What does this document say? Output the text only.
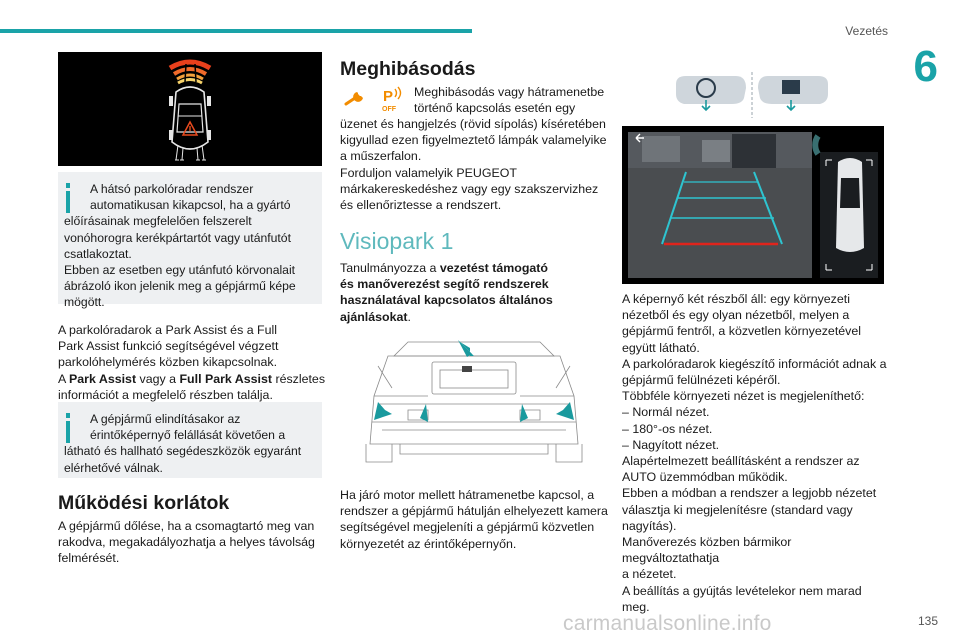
Vezetés
6
A hátsó parkolóradar rendszer
automatikusan kikapcsol, ha a gyártó
előírásainak megfelelően felszerelt
vonóhorogra kerékpártartót vagy utánfutót
csatlakoztat.
Ebben az esetben egy utánfutó körvonalait
ábrázoló ikon jelenik meg a gépjármű képe
mögött.
A parkolóradarok a Park Assist és a Full
Park Assist funkció segítségével végzett
parkolóhelymérés közben kikapcsolnak.
A Park Assist vagy a Full Park Assist részletes
információt a megfelelő részben találja.
A gépjármű elindításakor az
érintőképernyő felállását követően a
látható és hallható segédeszközök egyaránt
elérhetővé válnak.
Működési korlátok
A gépjármű dőlése, ha a csomagtartó meg van
rakodva, megakadályozhatja a helyes távolság
felmérését.
Meghibásodás
P
OFF
Meghibásodás vagy hátramenetbe
történő kapcsolás esetén egy
üzenet és hangjelzés (rövid sípolás) kíséretében
kigyullad ezen figyelmeztető lámpák valamelyike
a műszerfalon.
Forduljon valamelyik PEUGEOT
márkakereskedéshez vagy egy szakszervizhez
és ellenőriztesse a rendszert.
Visiopark 1
Tanulmányozza a vezetést támogató
és manőverezést segítő rendszerek
használatával kapcsolatos általános
ajánlásokat.
Ha járó motor mellett hátramenetbe kapcsol, a
rendszer a gépjármű hátulján elhelyezett kamera
segítségével megjeleníti a gépjármű közvetlen
környezetét az érintőképernyőn.
A képernyő két részből áll: egy környezeti
nézetből és egy olyan nézetből, melyen a
gépjármű fentről, a közvetlen környezetével
együtt látható.
A parkolóradarok kiegészítő információt adnak a
gépjármű felülnézeti képéről.
Többféle környezeti nézet is megjeleníthető:
– Normál nézet.
– 180°-os nézet.
– Nagyított nézet.
Alapértelmezett beállításként a rendszer az
AUTO üzemmódban működik.
Ebben a módban a rendszer a legjobb nézetet
választja ki megjelenítésre (standard vagy
nagyítás).
Manőverezés közben bármikor megváltoztathatja
a nézetet.
A beállítás a gyújtás levételekor nem marad
meg.
carmanualsonline.info	135
